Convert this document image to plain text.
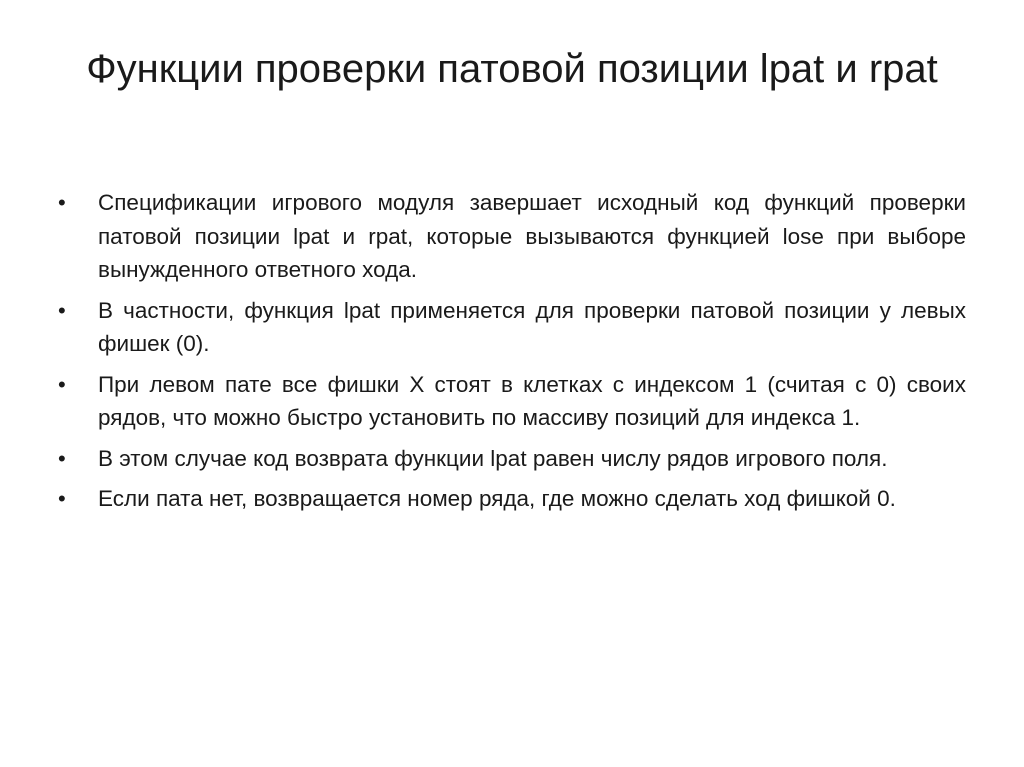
Функции проверки патовой позиции lpat и rpat
•	Спецификации игрового модуля завершает исходный код функций проверки патовой позиции lpat и rpat, которые вызываются функцией lose при выборе вынужденного ответного хода.
•	В частности, функция lpat применяется для проверки патовой позиции у левых фишек (0).
•	При левом пате все фишки X стоят в клетках с индексом 1 (считая с 0) своих рядов, что можно быстро установить по массиву позиций для индекса 1.
•	В этом случае код возврата функции lpat равен числу рядов игрового поля.
•	Если пата нет, возвращается номер ряда, где можно сделать ход фишкой 0.
